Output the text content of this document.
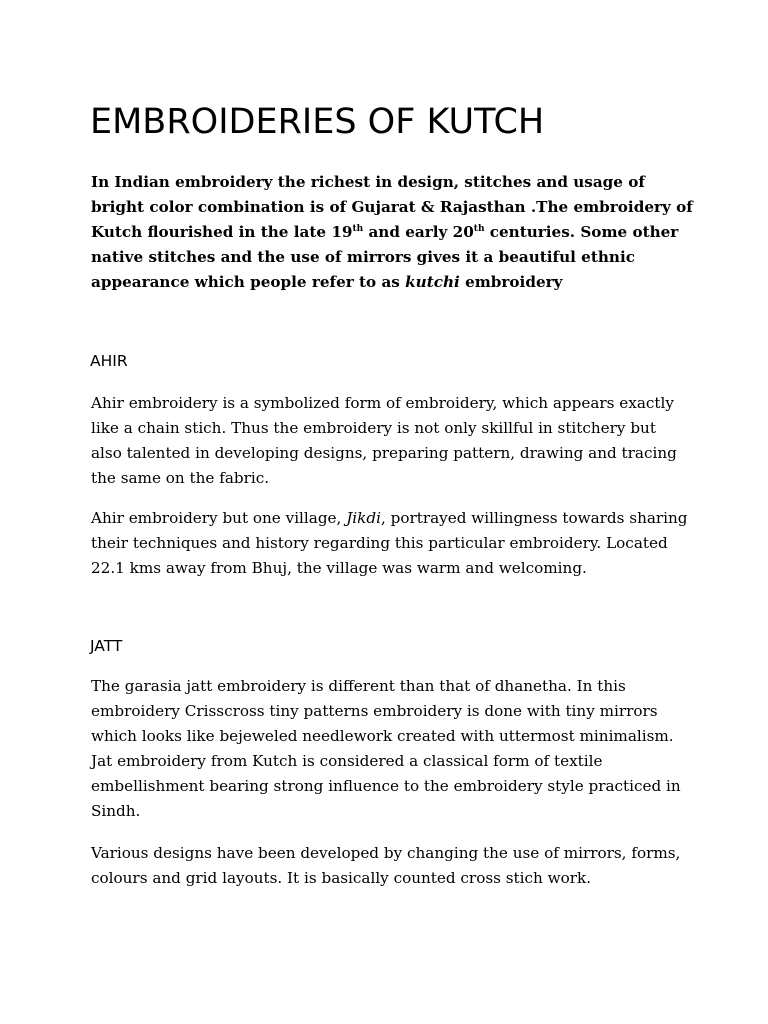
EMBROIDERIES OF KUTCH
In Indian embroidery the richest in design, stitches and usage of
bright color combination is of Gujarat & Rajasthan .The embroidery of
Kutch flourished in the late 19th and early 20th centuries. Some other
native stitches and the use of mirrors gives it a beautiful ethnic
appearance which people refer to as kutchi embroidery
AHIR
Ahir embroidery is a symbolized form of embroidery, which appears exactly
like a chain stich. Thus the embroidery is not only skillful in stitchery but
also talented in developing designs, preparing pattern, drawing and tracing
the same on the fabric.
Ahir embroidery but one village, Jikdi, portrayed willingness towards sharing
their techniques and history regarding this particular embroidery. Located
22.1 kms away from Bhuj, the village was warm and welcoming.
JATT
The garasia jatt embroidery is different than that of dhanetha. In this
embroidery Crisscross tiny patterns embroidery is done with tiny mirrors
which looks like bejeweled needlework created with uttermost minimalism.
Jat embroidery from Kutch is considered a classical form of textile
embellishment bearing strong influence to the embroidery style practiced in
Sindh.
Various designs have been developed by changing the use of mirrors, forms,
colours and grid layouts. It is basically counted cross stich work.
